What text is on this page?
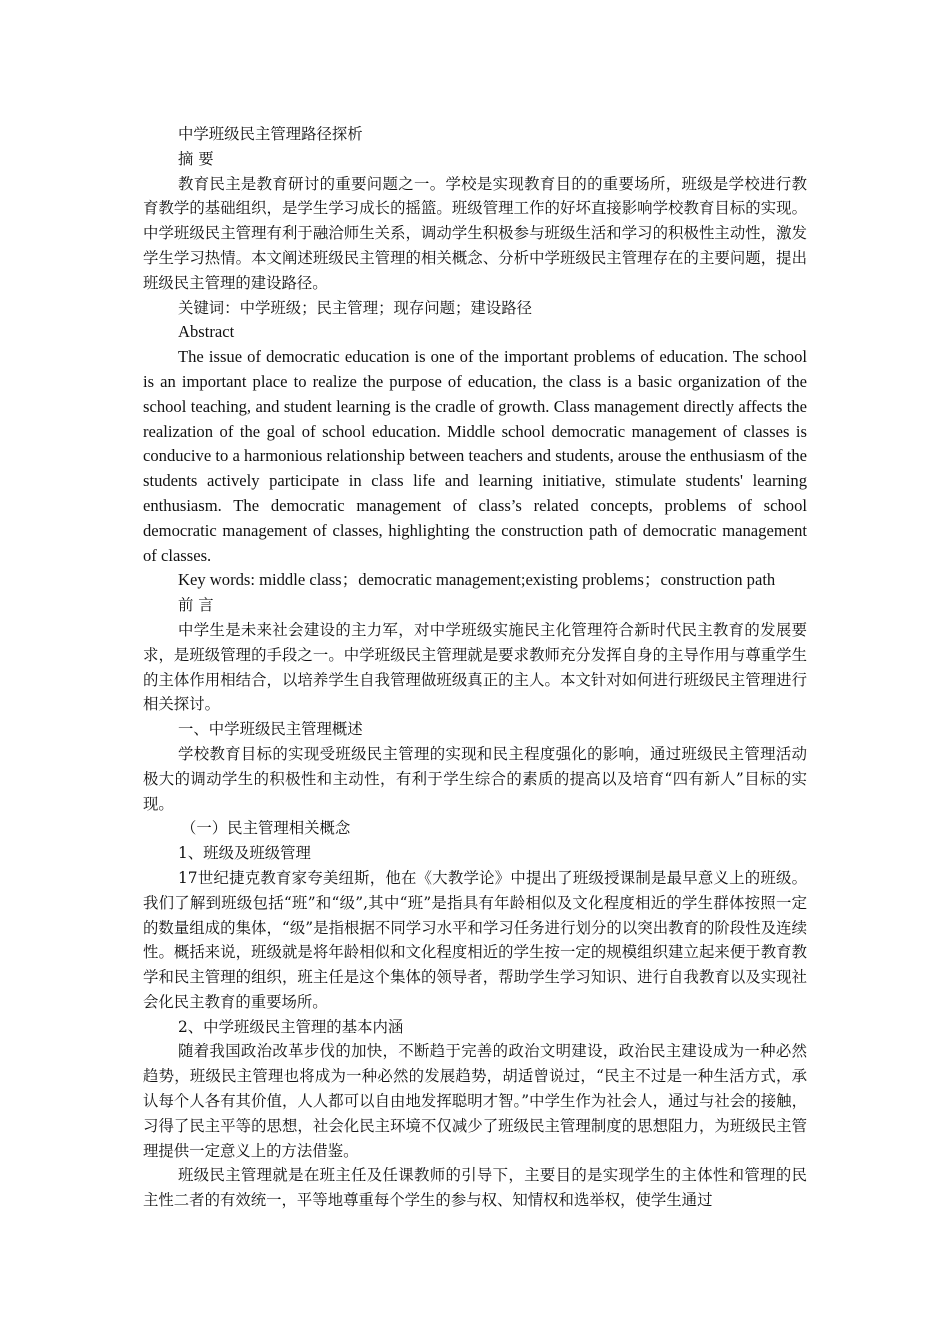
中学班级民主管理路径探析

摘 要

教育民主是教育研讨的重要问题之一。学校是实现教育目的的重要场所，班级是学校进行教育教学的基础组织，是学生学习成长的摇篮。班级管理工作的好坏直接影响学校教育目标的实现。中学班级民主管理有利于融洽师生关系，调动学生积极参与班级生活和学习的积极性主动性，激发学生学习热情。本文阐述班级民主管理的相关概念、分析中学班级民主管理存在的主要问题，提出班级民主管理的建设路径。

关键词：中学班级；民主管理；现存问题；建设路径

Abstract

The issue of democratic education is one of the important problems of education. The school is an important place to realize the purpose of education, the class is a basic organization of the school teaching, and student learning is the cradle of growth. Class management directly affects the realization of the goal of school education. Middle school democratic management of classes is conducive to a harmonious relationship between teachers and students, arouse the enthusiasm of the students actively participate in class life and learning initiative, stimulate students' learning enthusiasm. The democratic management of class’s related concepts, problems of school democratic management of classes, highlighting the construction path of democratic management of classes.

Key words: middle class；democratic management;existing problems；construction path

前 言

中学生是未来社会建设的主力军，对中学班级实施民主化管理符合新时代民主教育的发展要求，是班级管理的手段之一。中学班级民主管理就是要求教师充分发挥自身的主导作用与尊重学生的主体作用相结合，以培养学生自我管理做班级真正的主人。本文针对如何进行班级民主管理进行相关探讨。

一、中学班级民主管理概述

学校教育目标的实现受班级民主管理的实现和民主程度强化的影响，通过班级民主管理活动极大的调动学生的积极性和主动性，有利于学生综合的素质的提高以及培育“四有新人”目标的实现。

（一）民主管理相关概念

1、班级及班级管理

17世纪捷克教育家夸美纽斯，他在《大教学论》中提出了班级授课制是最早意义上的班级。我们了解到班级包括“班”和“级”,其中“班”是指具有年龄相似及文化程度相近的学生群体按照一定的数量组成的集体，“级”是指根据不同学习水平和学习任务进行划分的以突出教育的阶段性及连续性。概括来说，班级就是将年龄相似和文化程度相近的学生按一定的规模组织建立起来便于教育教学和民主管理的组织，班主任是这个集体的领导者，帮助学生学习知识、进行自我教育以及实现社会化民主教育的重要场所。

2、中学班级民主管理的基本内涵

随着我国政治改革步伐的加快，不断趋于完善的政治文明建设，政治民主建设成为一种必然趋势，班级民主管理也将成为一种必然的发展趋势，胡适曾说过，“民主不过是一种生活方式，承认每个人各有其价值，人人都可以自由地发挥聪明才智。”中学生作为社会人，通过与社会的接触，习得了民主平等的思想，社会化民主环境不仅减少了班级民主管理制度的思想阻力，为班级民主管理提供一定意义上的方法借鉴。

班级民主管理就是在班主任及任课教师的引导下，主要目的是实现学生的主体性和管理的民主性二者的有效统一，平等地尊重每个学生的参与权、知情权和选举权，使学生通过
